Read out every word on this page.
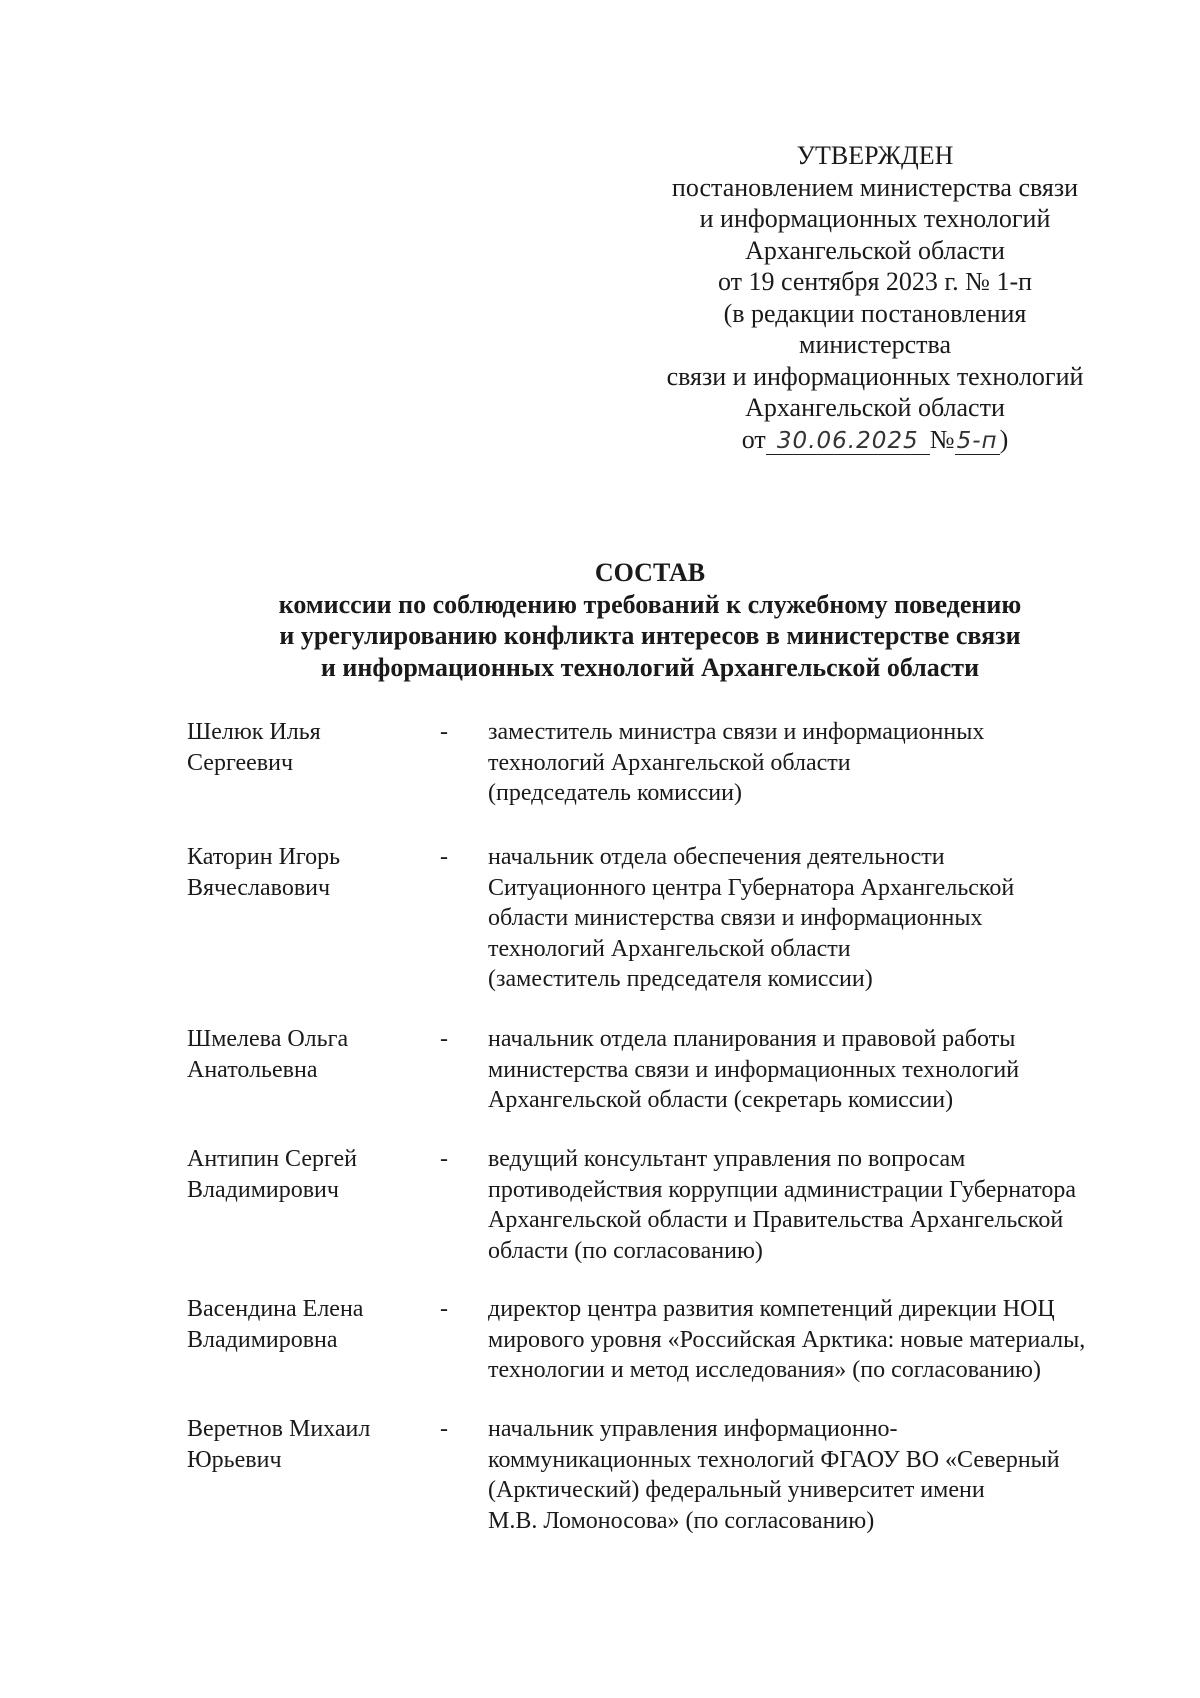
УТВЕРЖДЕН
постановлением министерства связи
и информационных технологий
Архангельской области
от 19 сентября 2023 г. № 1-п
(в редакции постановления
министерства
связи и информационных технологий
Архангельской области
от 30.06.2025 №5-п)
СОСТАВ
комиссии по соблюдению требований к служебному поведению
и урегулированию конфликта интересов в министерстве связи
и информационных технологий Архангельской области
Шелюк Илья
Сергеевич
- заместитель министра связи и информационных
технологий Архангельской области
(председатель комиссии)
Каторин Игорь
Вячеславович
- начальник отдела обеспечения деятельности
Ситуационного центра Губернатора Архангельской
области министерства связи и информационных
технологий Архангельской области
(заместитель председателя комиссии)
Шмелева Ольга
Анатольевна
- начальник отдела планирования и правовой работы
министерства связи и информационных технологий
Архангельской области (секретарь комиссии)
Антипин Сергей
Владимирович
- ведущий консультант управления по вопросам
противодействия коррупции администрации Губернатора
Архангельской области и Правительства Архангельской
области (по согласованию)
Васендина Елена
Владимировна
- директор центра развития компетенций дирекции НОЦ
мирового уровня «Российская Арктика: новые материалы,
технологии и метод исследования» (по согласованию)
Веретнов Михаил
Юрьевич
- начальник управления информационно-
коммуникационных технологий ФГАОУ ВО «Северный
(Арктический) федеральный университет имени
М.В. Ломоносова» (по согласованию)
